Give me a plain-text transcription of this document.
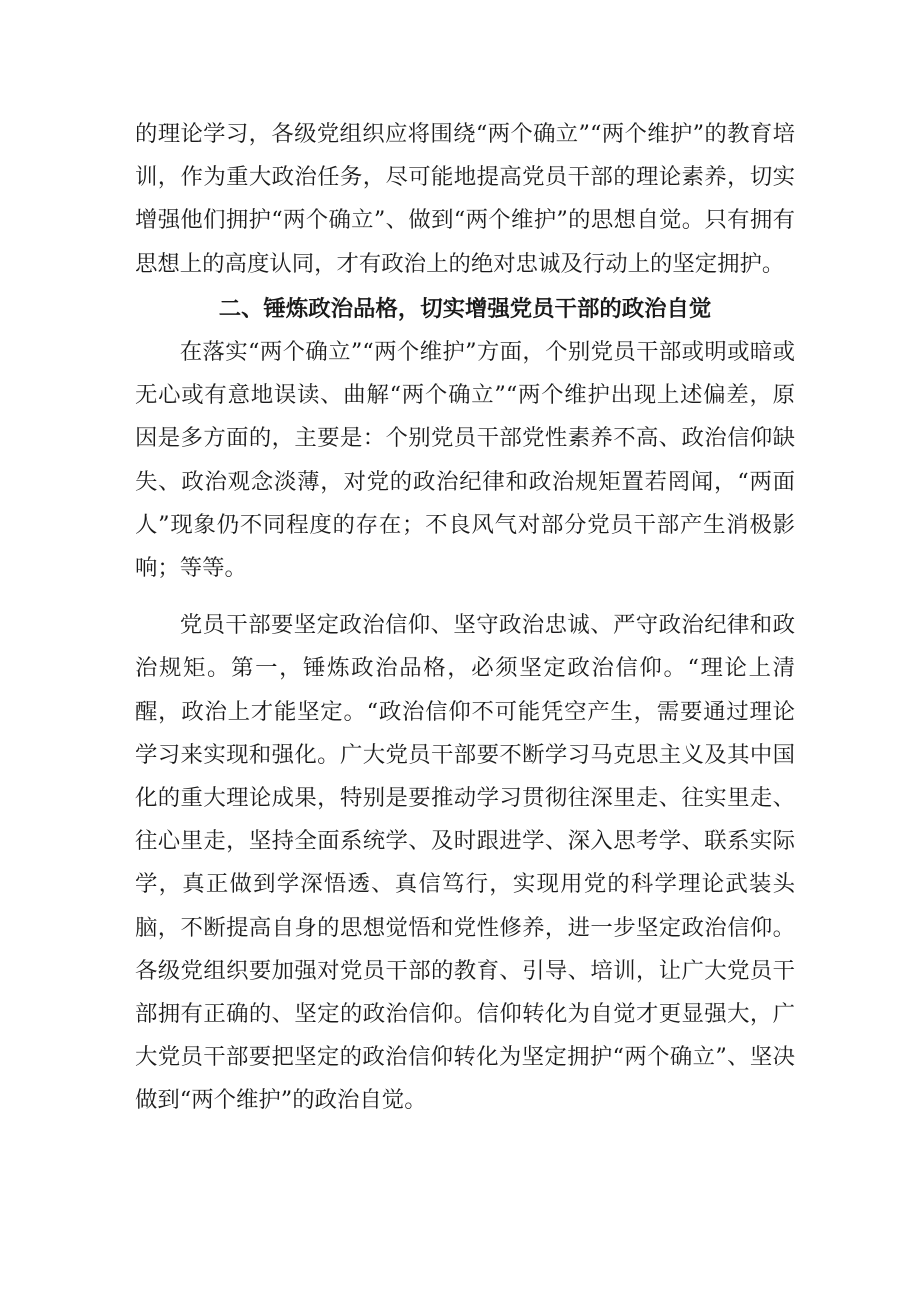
的理论学习，各级党组织应将围绕“两个确立”“两个维护”的教育培训，作为重大政治任务，尽可能地提高党员干部的理论素养，切实增强他们拥护“两个确立”、做到“两个维护”的思想自觉。只有拥有思想上的高度认同，才有政治上的绝对忠诚及行动上的坚定拥护。

二、锤炼政治品格，切实增强党员干部的政治自觉

在落实“两个确立”“两个维护”方面，个别党员干部或明或暗或无心或有意地误读、曲解“两个确立”“两个维护出现上述偏差，原因是多方面的，主要是：个别党员干部党性素养不高、政治信仰缺失、政治观念淡薄，对党的政治纪律和政治规矩置若罔闻，“两面人”现象仍不同程度的存在；不良风气对部分党员干部产生消极影响；等等。

党员干部要坚定政治信仰、坚守政治忠诚、严守政治纪律和政治规矩。第一，锤炼政治品格，必须坚定政治信仰。“理论上清醒，政治上才能坚定。“政治信仰不可能凭空产生，需要通过理论学习来实现和强化。广大党员干部要不断学习马克思主义及其中国化的重大理论成果，特别是要推动学习贯彻往深里走、往实里走、往心里走，坚持全面系统学、及时跟进学、深入思考学、联系实际学，真正做到学深悟透、真信笃行，实现用党的科学理论武装头脑，不断提高自身的思想觉悟和党性修养，进一步坚定政治信仰。各级党组织要加强对党员干部的教育、引导、培训，让广大党员干部拥有正确的、坚定的政治信仰。信仰转化为自觉才更显强大，广大党员干部要把坚定的政治信仰转化为坚定拥护“两个确立”、坚决做到“两个维护”的政治自觉。
